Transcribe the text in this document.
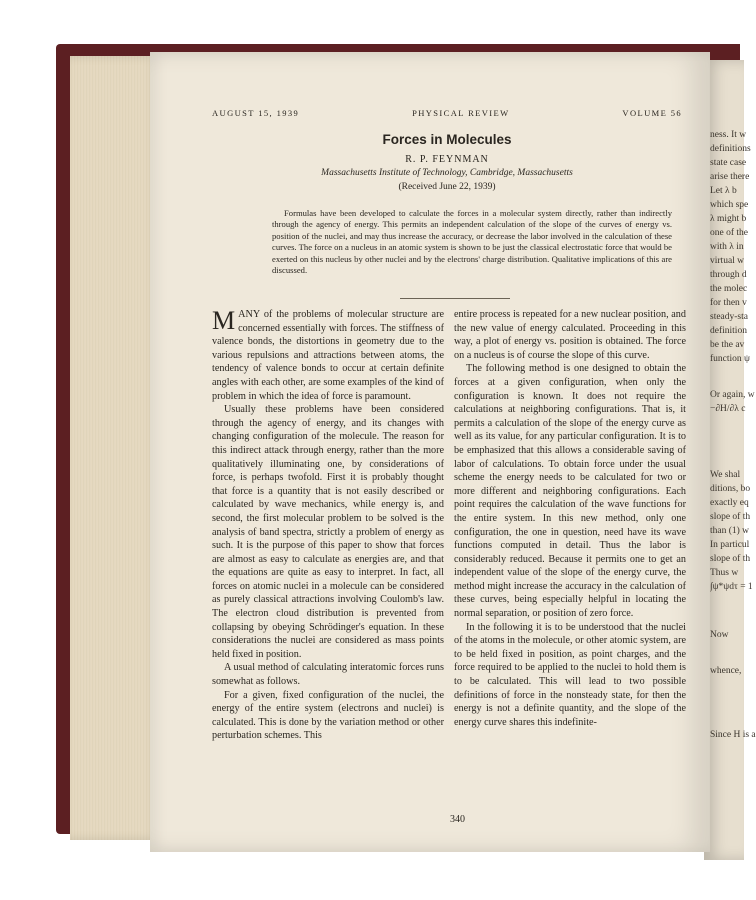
ness. It w
definitions
state case
arise there
Let λ b
which spe
λ might b
one of the
with λ in
virtual w
through d
the molec
for then v
steady-sta
definition
be the av
function ψ
Or again, w
−∂H/∂λ c
We shal
ditions, bo
exactly eq
slope of th
than (1) w
In particul
slope of th
Thus w
∫ψ*ψdτ = 1
Now
whence,
Since H is a
AUGUST 15, 1939	PHYSICAL REVIEW	VOLUME 56
Forces in Molecules
R. P. FEYNMAN
Massachusetts Institute of Technology, Cambridge, Massachusetts
(Received June 22, 1939)
Formulas have been developed to calculate the forces in a molecular system directly, rather than indirectly through the agency of energy. This permits an independent calculation of the slope of the curves of energy vs. position of the nuclei, and may thus increase the accuracy, or decrease the labor involved in the calculation of these curves. The force on a nucleus in an atomic system is shown to be just the classical electrostatic force that would be exerted on this nucleus by other nuclei and by the electrons' charge distribution. Qualitative implications of this are discussed.

MANY of the problems of molecular structure are concerned essentially with forces. The stiffness of valence bonds, the distortions in geometry due to the various repulsions and attractions between atoms, the tendency of valence bonds to occur at certain definite angles with each other, are some examples of the kind of problem in which the idea of force is paramount.

Usually these problems have been considered through the agency of energy, and its changes with changing configuration of the molecule. The reason for this indirect attack through energy, rather than the more qualitatively illuminating one, by considerations of force, is perhaps twofold. First it is probably thought that force is a quantity that is not easily described or calculated by wave mechanics, while energy is, and second, the first molecular problem to be solved is the analysis of band spectra, strictly a problem of energy as such. It is the purpose of this paper to show that forces are almost as easy to calculate as energies are, and that the equations are quite as easy to interpret. In fact, all forces on atomic nuclei in a molecule can be considered as purely classical attractions involving Coulomb's law. The electron cloud distribution is prevented from collapsing by obeying Schrödinger's equation. In these considerations the nuclei are considered as mass points held fixed in position.

A usual method of calculating interatomic forces runs somewhat as follows.

For a given, fixed configuration of the nuclei, the energy of the entire system (electrons and nuclei) is calculated. This is done by the variation method or other perturbation schemes. This

entire process is repeated for a new nuclear position, and the new value of energy calculated. Proceeding in this way, a plot of energy vs. position is obtained. The force on a nucleus is of course the slope of this curve.

The following method is one designed to obtain the forces at a given configuration, when only the configuration is known. It does not require the calculations at neighboring configurations. That is, it permits a calculation of the slope of the energy curve as well as its value, for any particular configuration. It is to be emphasized that this allows a considerable saving of labor of calculations. To obtain force under the usual scheme the energy needs to be calculated for two or more different and neighboring configurations. Each point requires the calculation of the wave functions for the entire system. In this new method, only one configuration, the one in question, need have its wave functions computed in detail. Thus the labor is considerably reduced. Because it permits one to get an independent value of the slope of the energy curve, the method might increase the accuracy in the calculation of these curves, being especially helpful in locating the normal separation, or position of zero force.

In the following it is to be understood that the nuclei of the atoms in the molecule, or other atomic system, are to be held fixed in position, as point charges, and the force required to be applied to the nuclei to hold them is to be calculated. This will lead to two possible definitions of force in the nonsteady state, for then the energy is not a definite quantity, and the slope of the energy curve shares this indefinite-

340
